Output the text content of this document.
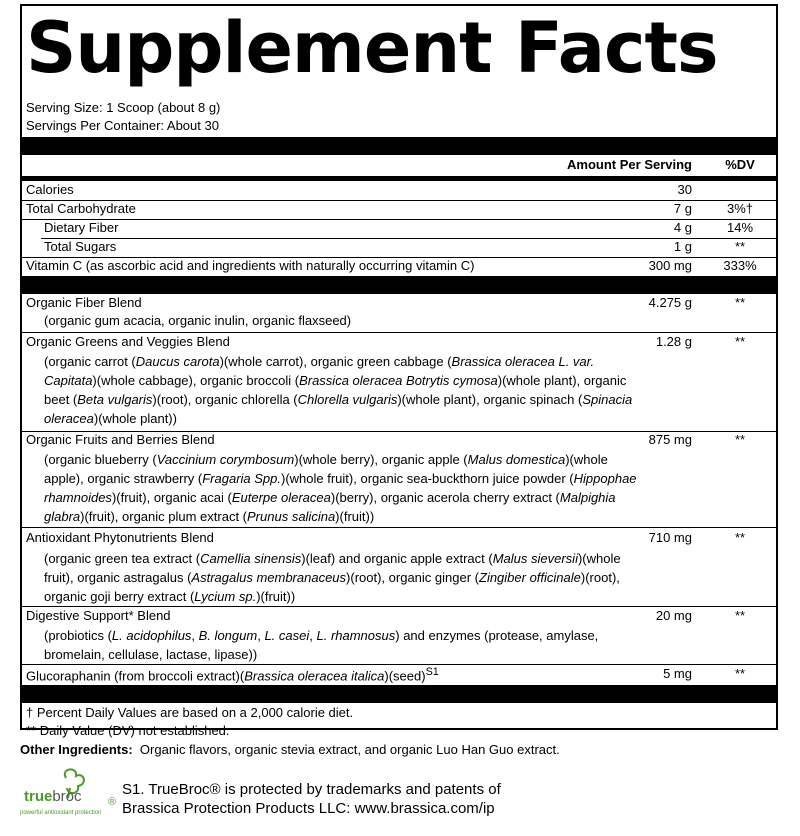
Supplement Facts
Serving Size: 1 Scoop (about 8 g)
Servings Per Container: About 30
Amount Per Serving	%DV
Calories	30
Total Carbohydrate	7 g	3%†
Dietary Fiber	4 g	14%
Total Sugars	1 g	**
Vitamin C (as ascorbic acid and ingredients with naturally occurring vitamin C)	300 mg	333%
Organic Fiber Blend	4.275 g	**
(organic gum acacia, organic inulin, organic flaxseed)
Organic Greens and Veggies Blend	1.28 g	**
(organic carrot (Daucus carota)(whole carrot), organic green cabbage (Brassica oleracea L. var. Capitata)(whole cabbage), organic broccoli (Brassica oleracea Botrytis cymosa)(whole plant), organic beet (Beta vulgaris)(root), organic chlorella (Chlorella vulgaris)(whole plant), organic spinach (Spinacia oleracea)(whole plant))
Organic Fruits and Berries Blend	875 mg	**
(organic blueberry (Vaccinium corymbosum)(whole berry), organic apple (Malus domestica)(whole apple), organic strawberry (Fragaria Spp.)(whole fruit), organic sea-buckthorn juice powder (Hippophae rhamnoides)(fruit), organic acai (Euterpe oleracea)(berry), organic acerola cherry extract (Malpighia glabra)(fruit), organic plum extract (Prunus salicina)(fruit))
Antioxidant Phytonutrients Blend	710 mg	**
(organic green tea extract (Camellia sinensis)(leaf) and organic apple extract (Malus sieversii)(whole fruit), organic astragalus (Astragalus membranaceus)(root), organic ginger (Zingiber officinale)(root), organic goji berry extract (Lycium sp.)(fruit))
Digestive Support* Blend	20 mg	**
(probiotics (L. acidophilus, B. longum, L. casei, L. rhamnosus) and enzymes (protease, amylase, bromelain, cellulase, lactase, lipase))
Glucoraphanin (from broccoli extract)(Brassica oleracea italica)(seed)$^{S1}$	5 mg	**
† Percent Daily Values are based on a 2,000 calorie diet.
** Daily Value (DV) not established.
Other Ingredients: Organic flavors, organic stevia extract, and organic Luo Han Guo extract.
truebroc
powerful antioxidant protection
®
S1. TrueBroc® is protected by trademarks and patents of
Brassica Protection Products LLC: www.brassica.com/ip
